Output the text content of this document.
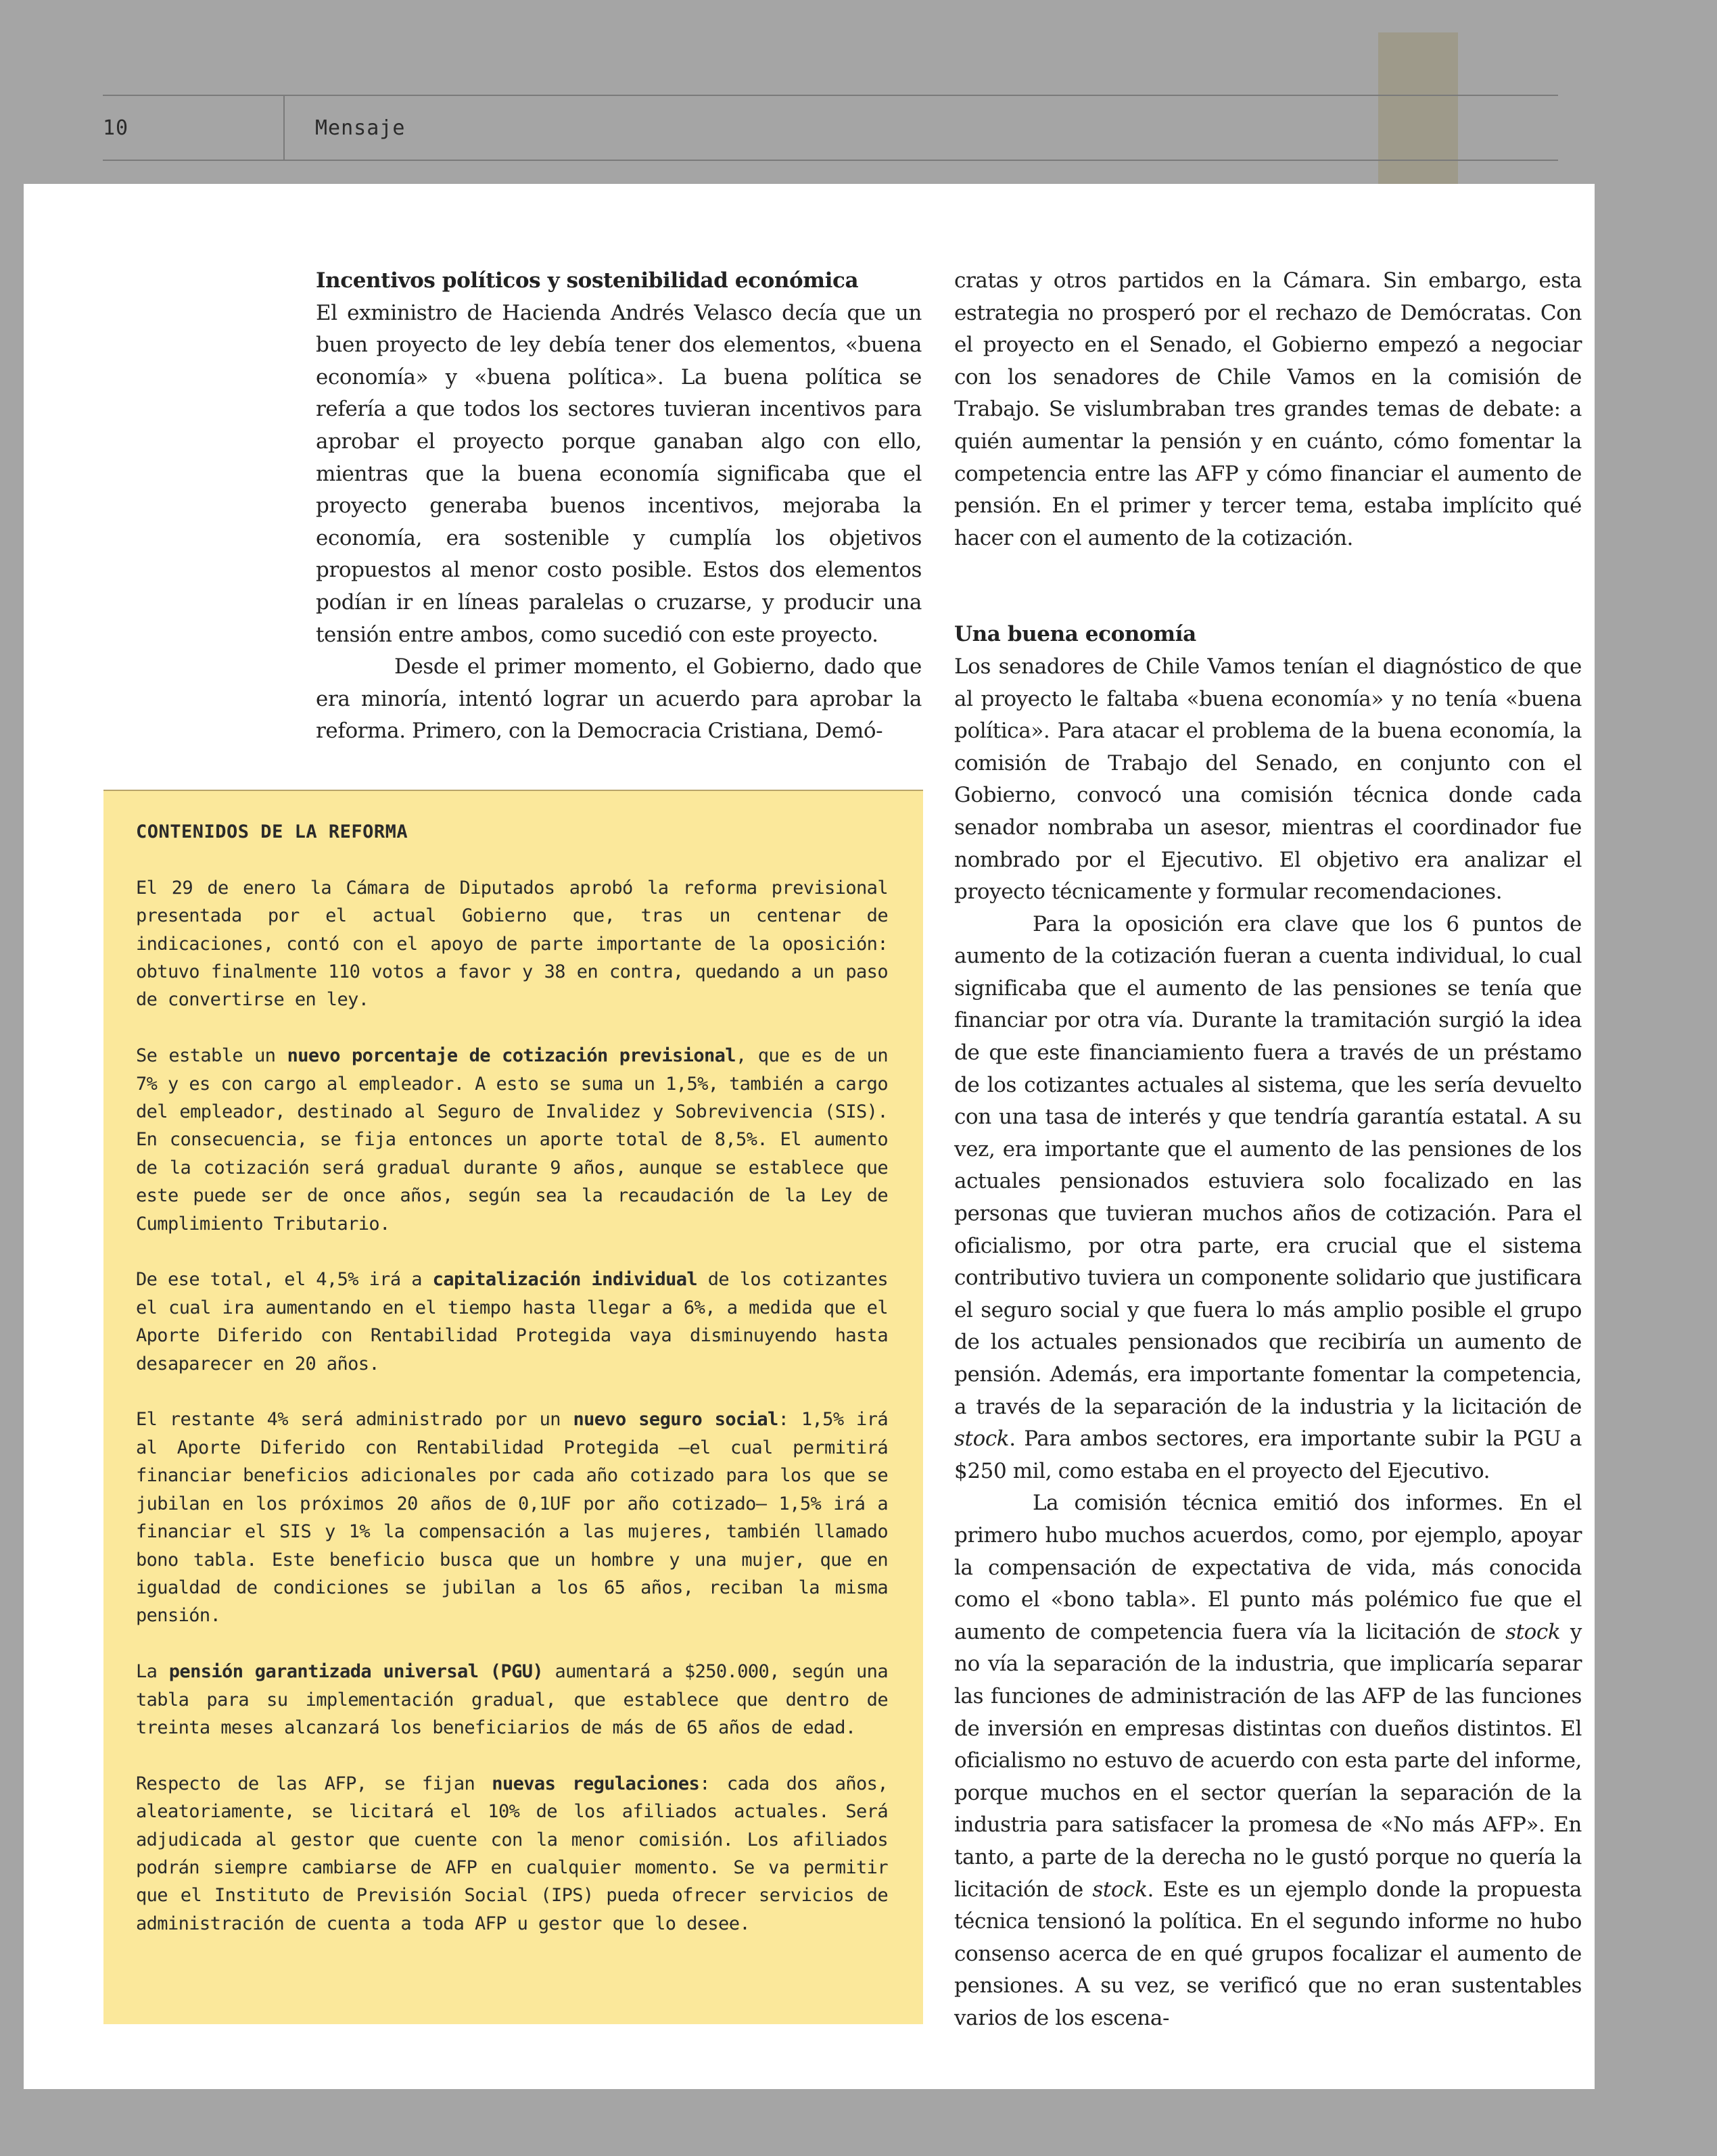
10	Mensaje
Incentivos políticos y sostenibilidad económica

El exministro de Hacienda Andrés Velasco decía que un buen proyecto de ley debía tener dos elementos, «buena economía» y «buena política». La buena política se refería a que todos los sectores tuvieran incentivos para aprobar el proyecto porque ganaban algo con ello, mientras que la buena economía significaba que el proyecto generaba buenos incentivos, mejoraba la economía, era sostenible y cumplía los objetivos propuestos al menor costo posible. Estos dos elementos podían ir en líneas paralelas o cruzarse, y producir una tensión entre ambos, como sucedió con este proyecto.

Desde el primer momento, el Gobierno, dado que era minoría, intentó lograr un acuerdo para aprobar la reforma. Primero, con la Democracia Cristiana, Demó-

CONTENIDOS DE LA REFORMA

El 29 de enero la Cámara de Diputados aprobó la reforma previsional presentada por el actual Gobierno que, tras un centenar de indicaciones, contó con el apoyo de parte importante de la oposición: obtuvo finalmente 110 votos a favor y 38 en contra, quedando a un paso de convertirse en ley.

Se estable un nuevo porcentaje de cotización previsional, que es de un 7% y es con cargo al empleador. A esto se suma un 1,5%, también a cargo del empleador, destinado al Seguro de Invalidez y Sobrevivencia (SIS). En consecuencia, se fija entonces un aporte total de 8,5%. El aumento de la cotización será gradual durante 9 años, aunque se establece que este puede ser de once años, según sea la recaudación de la Ley de Cumplimiento Tributario.

De ese total, el 4,5% irá a capitalización individual de los cotizantes el cual ira aumentando en el tiempo hasta llegar a 6%, a medida que el Aporte Diferido con Rentabilidad Protegida vaya disminuyendo hasta desaparecer en 20 años.

El restante 4% será administrado por un nuevo seguro social: 1,5% irá al Aporte Diferido con Rentabilidad Protegida —el cual permitirá financiar beneficios adicionales por cada año cotizado para los que se jubilan en los próximos 20 años de 0,1UF por año cotizado— 1,5% irá a financiar el SIS y 1% la compensación a las mujeres, también llamado bono tabla. Este beneficio busca que un hombre y una mujer, que en igualdad de condiciones se jubilan a los 65 años, reciban la misma pensión.

La pensión garantizada universal (PGU) aumentará a $250.000, según una tabla para su implementación gradual, que establece que dentro de treinta meses alcanzará los beneficiarios de más de 65 años de edad.

Respecto de las AFP, se fijan nuevas regulaciones: cada dos años, aleatoriamente, se licitará el 10% de los afiliados actuales. Será adjudicada al gestor que cuente con la menor comisión. Los afiliados podrán siempre cambiarse de AFP en cualquier momento. Se va permitir que el Instituto de Previsión Social (IPS) pueda ofrecer servicios de administración de cuenta a toda AFP u gestor que lo desee.

cratas y otros partidos en la Cámara. Sin embargo, esta estrategia no prosperó por el rechazo de Demócratas. Con el proyecto en el Senado, el Gobierno empezó a negociar con los senadores de Chile Vamos en la comisión de Trabajo. Se vislumbraban tres grandes temas de debate: a quién aumentar la pensión y en cuánto, cómo fomentar la competencia entre las AFP y cómo financiar el aumento de pensión. En el primer y tercer tema, estaba implícito qué hacer con el aumento de la cotización.

Una buena economía

Los senadores de Chile Vamos tenían el diagnóstico de que al proyecto le faltaba «buena economía» y no tenía «buena política». Para atacar el problema de la buena economía, la comisión de Trabajo del Senado, en conjunto con el Gobierno, convocó una comisión técnica donde cada senador nombraba un asesor, mientras el coordinador fue nombrado por el Ejecutivo. El objetivo era analizar el proyecto técnicamente y formular recomendaciones.

Para la oposición era clave que los 6 puntos de aumento de la cotización fueran a cuenta individual, lo cual significaba que el aumento de las pensiones se tenía que financiar por otra vía. Durante la tramitación surgió la idea de que este financiamiento fuera a través de un préstamo de los cotizantes actuales al sistema, que les sería devuelto con una tasa de interés y que tendría garantía estatal. A su vez, era importante que el aumento de las pensiones de los actuales pensionados estuviera solo focalizado en las personas que tuvieran muchos años de cotización. Para el oficialismo, por otra parte, era crucial que el sistema contributivo tuviera un componente solidario que justificara el seguro social y que fuera lo más amplio posible el grupo de los actuales pensionados que recibiría un aumento de pensión. Además, era importante fomentar la competencia, a través de la separación de la industria y la licitación de stock. Para ambos sectores, era importante subir la PGU a $250 mil, como estaba en el proyecto del Ejecutivo.

La comisión técnica emitió dos informes. En el primero hubo muchos acuerdos, como, por ejemplo, apoyar la compensación de expectativa de vida, más conocida como el «bono tabla». El punto más polémico fue que el aumento de competencia fuera vía la licitación de stock y no vía la separación de la industria, que implicaría separar las funciones de administración de las AFP de las funciones de inversión en empresas distintas con dueños distintos. El oficialismo no estuvo de acuerdo con esta parte del informe, porque muchos en el sector querían la separación de la industria para satisfacer la promesa de «No más AFP». En tanto, a parte de la derecha no le gustó porque no quería la licitación de stock. Este es un ejemplo donde la propuesta técnica tensionó la política. En el segundo informe no hubo consenso acerca de en qué grupos focalizar el aumento de pensiones. A su vez, se verificó que no eran sustentables varios de los escena-
